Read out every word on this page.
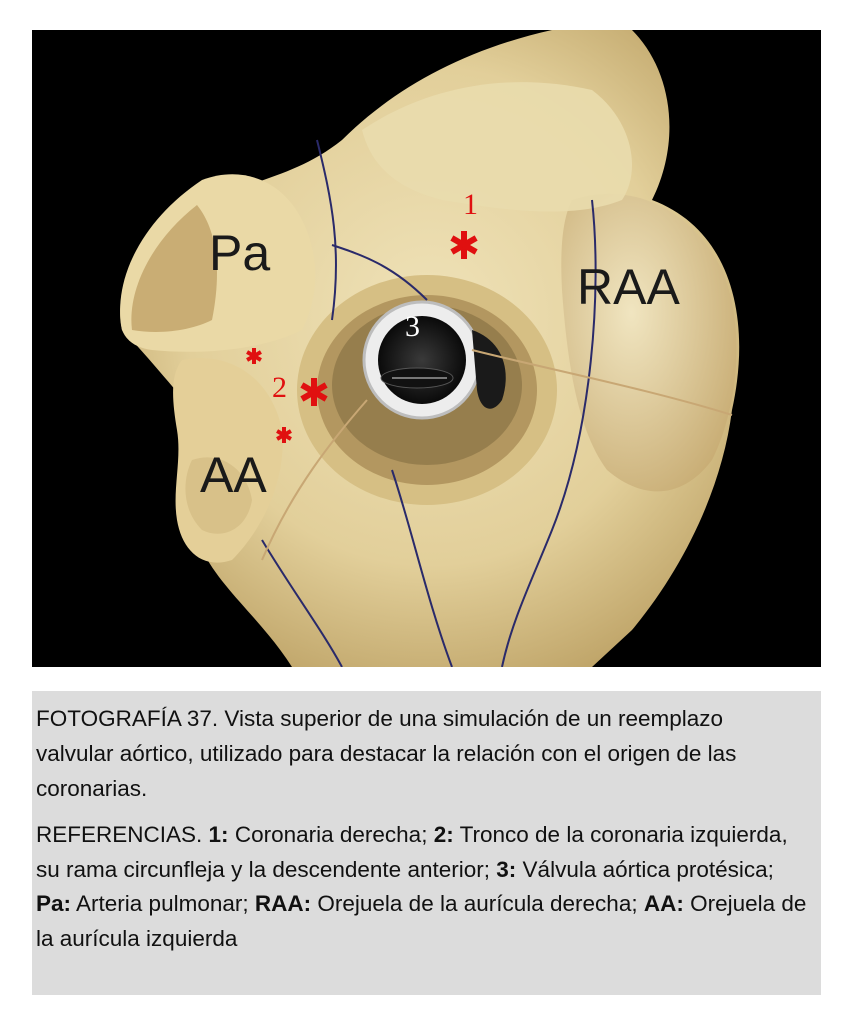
Pa
RAA
AA
1
2
3
FOTOGRAFÍA 37. Vista superior de una simulación de un reemplazo valvular aórtico, utilizado para destacar la relación con el origen de las coronarias.
REFERENCIAS. 1: Coronaria derecha; 2: Tronco de la coronaria izquierda, su rama circunfleja y la descendente anterior; 3: Válvula aórtica protésica; Pa: Arteria pulmonar; RAA: Orejuela de la aurícula derecha; AA: Orejuela de la aurícula izquierda
